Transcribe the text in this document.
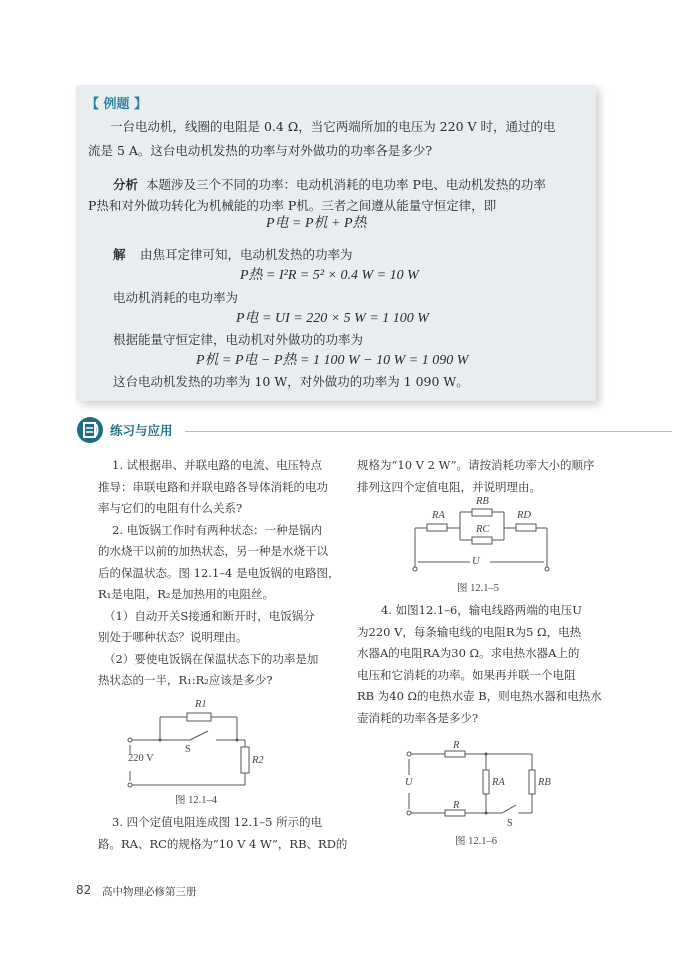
【 例题 】
一台电动机，线圈的电阻是 0.4 Ω，当它两端所加的电压为 220 V 时，通过的电
流是 5 A。这台电动机发热的功率与对外做功的功率各是多少?
分析 本题涉及三个不同的功率：电动机消耗的电功率 P电、电动机发热的功率
P热和对外做功转化为机械能的功率 P机。三者之间遵从能量守恒定律，即
P电 = P机 + P热
解 由焦耳定律可知，电动机发热的功率为
P热 = I²R = 5² × 0.4 W = 10 W
电动机消耗的电功率为
P电 = UI = 220 × 5 W = 1 100 W
根据能量守恒定律，电动机对外做功的功率为
P机 = P电 − P热 = 1 100 W − 10 W = 1 090 W
这台电动机发热的功率为 10 W，对外做功的功率为 1 090 W。
练习与应用

1. 试根据串、并联电路的电流、电压特点

推导：串联电路和并联电路各导体消耗的电功

率与它们的电阻有什么关系?

2. 电饭锅工作时有两种状态：一种是锅内

的水烧干以前的加热状态，另一种是水烧干以

后的保温状态。图 12.1–4 是电饭锅的电路图，

R₁是电阻，R₂是加热用的电阻丝。

（1）自动开关S接通和断开时，电饭锅分

别处于哪种状态？说明理由。

（2）要使电饭锅在保温状态下的功率是加

热状态的一半，R₁:R₂应该是多少?

R1
S
220 V	R2
图 12.1–4

3. 四个定值电阻连成图 12.1–5 所示的电

路。RA、RC的规格为“10 V 4 W”，RB、RD的

规格为“10 V 2 W”。请按消耗功率大小的顺序

排列这四个定值电阻，并说明理由。

RA
RB
RC
RD
U
图 12.1–5

4. 如图12.1–6，输电线路两端的电压U

为220 V，每条输电线的电阻R为5 Ω，电热

水器A的电阻RA为30 Ω。求电热水器A上的

电压和它消耗的功率。如果再并联一个电阻

RB 为40 Ω的电热水壶 B，则电热水器和电热水

壶消耗的功率各是多少?

R
U	RA	RB
R
S
图 12.1–6
82 高中物理必修第三册
